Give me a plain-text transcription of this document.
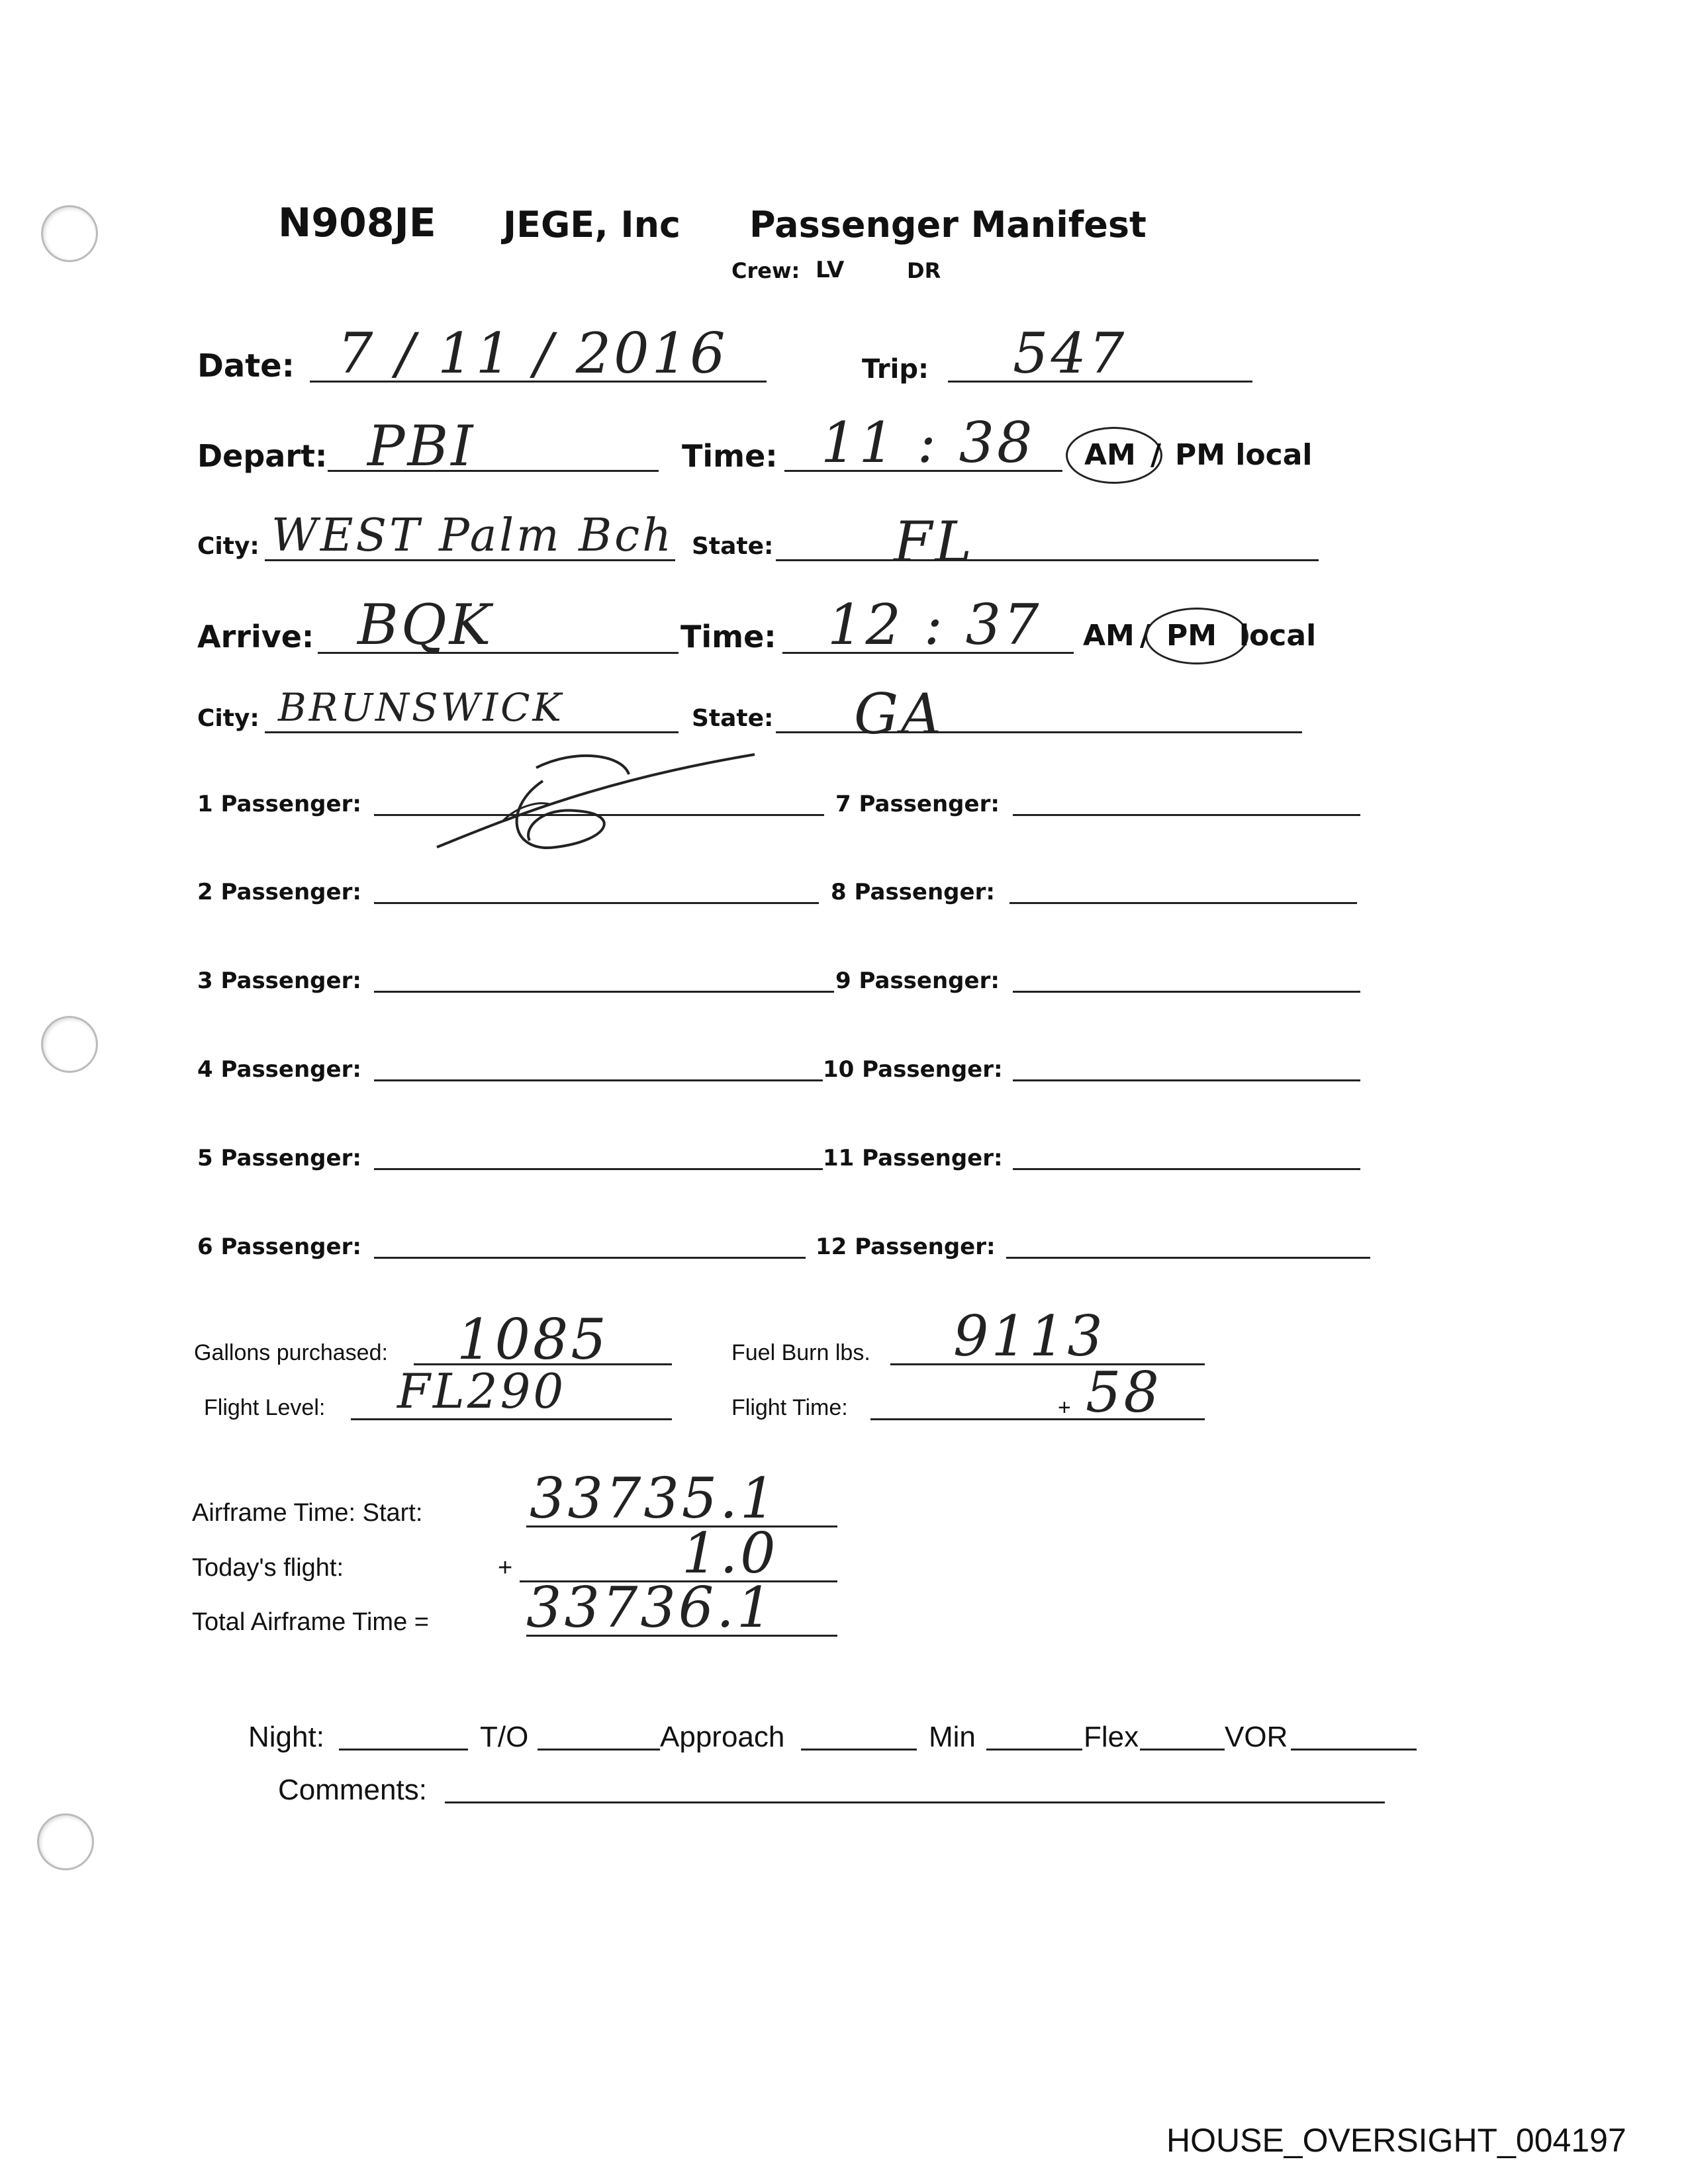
N908JE JEGE, Inc Passenger Manifest
Crew: LV	DR
Date: 7 / 11 / 2016	Trip: 547
Depart: PBI	Time: 11 : 38 AM / PM local
City: WEST Palm Bch State: FL
Arrive: BQK	Time: 12 : 37 AM / PM local
City: BRUNSWICK	State: GA
1 Passenger:	7 Passenger:
2 Passenger:	8 Passenger:
3 Passenger:	9 Passenger:
4 Passenger:	10 Passenger:
5 Passenger:	11 Passenger:
6 Passenger:	12 Passenger:
Gallons purchased: 1085	Fuel Burn lbs. 9113
Flight Level: FL290	Flight Time:	+ 58
Airframe Time: Start: 33735.1
Today's flight:	+	1.0
Total Airframe Time = 33736.1
Night:	T/O	Approach	Min	Flex	VOR
Comments:
HOUSE_OVERSIGHT_004197
